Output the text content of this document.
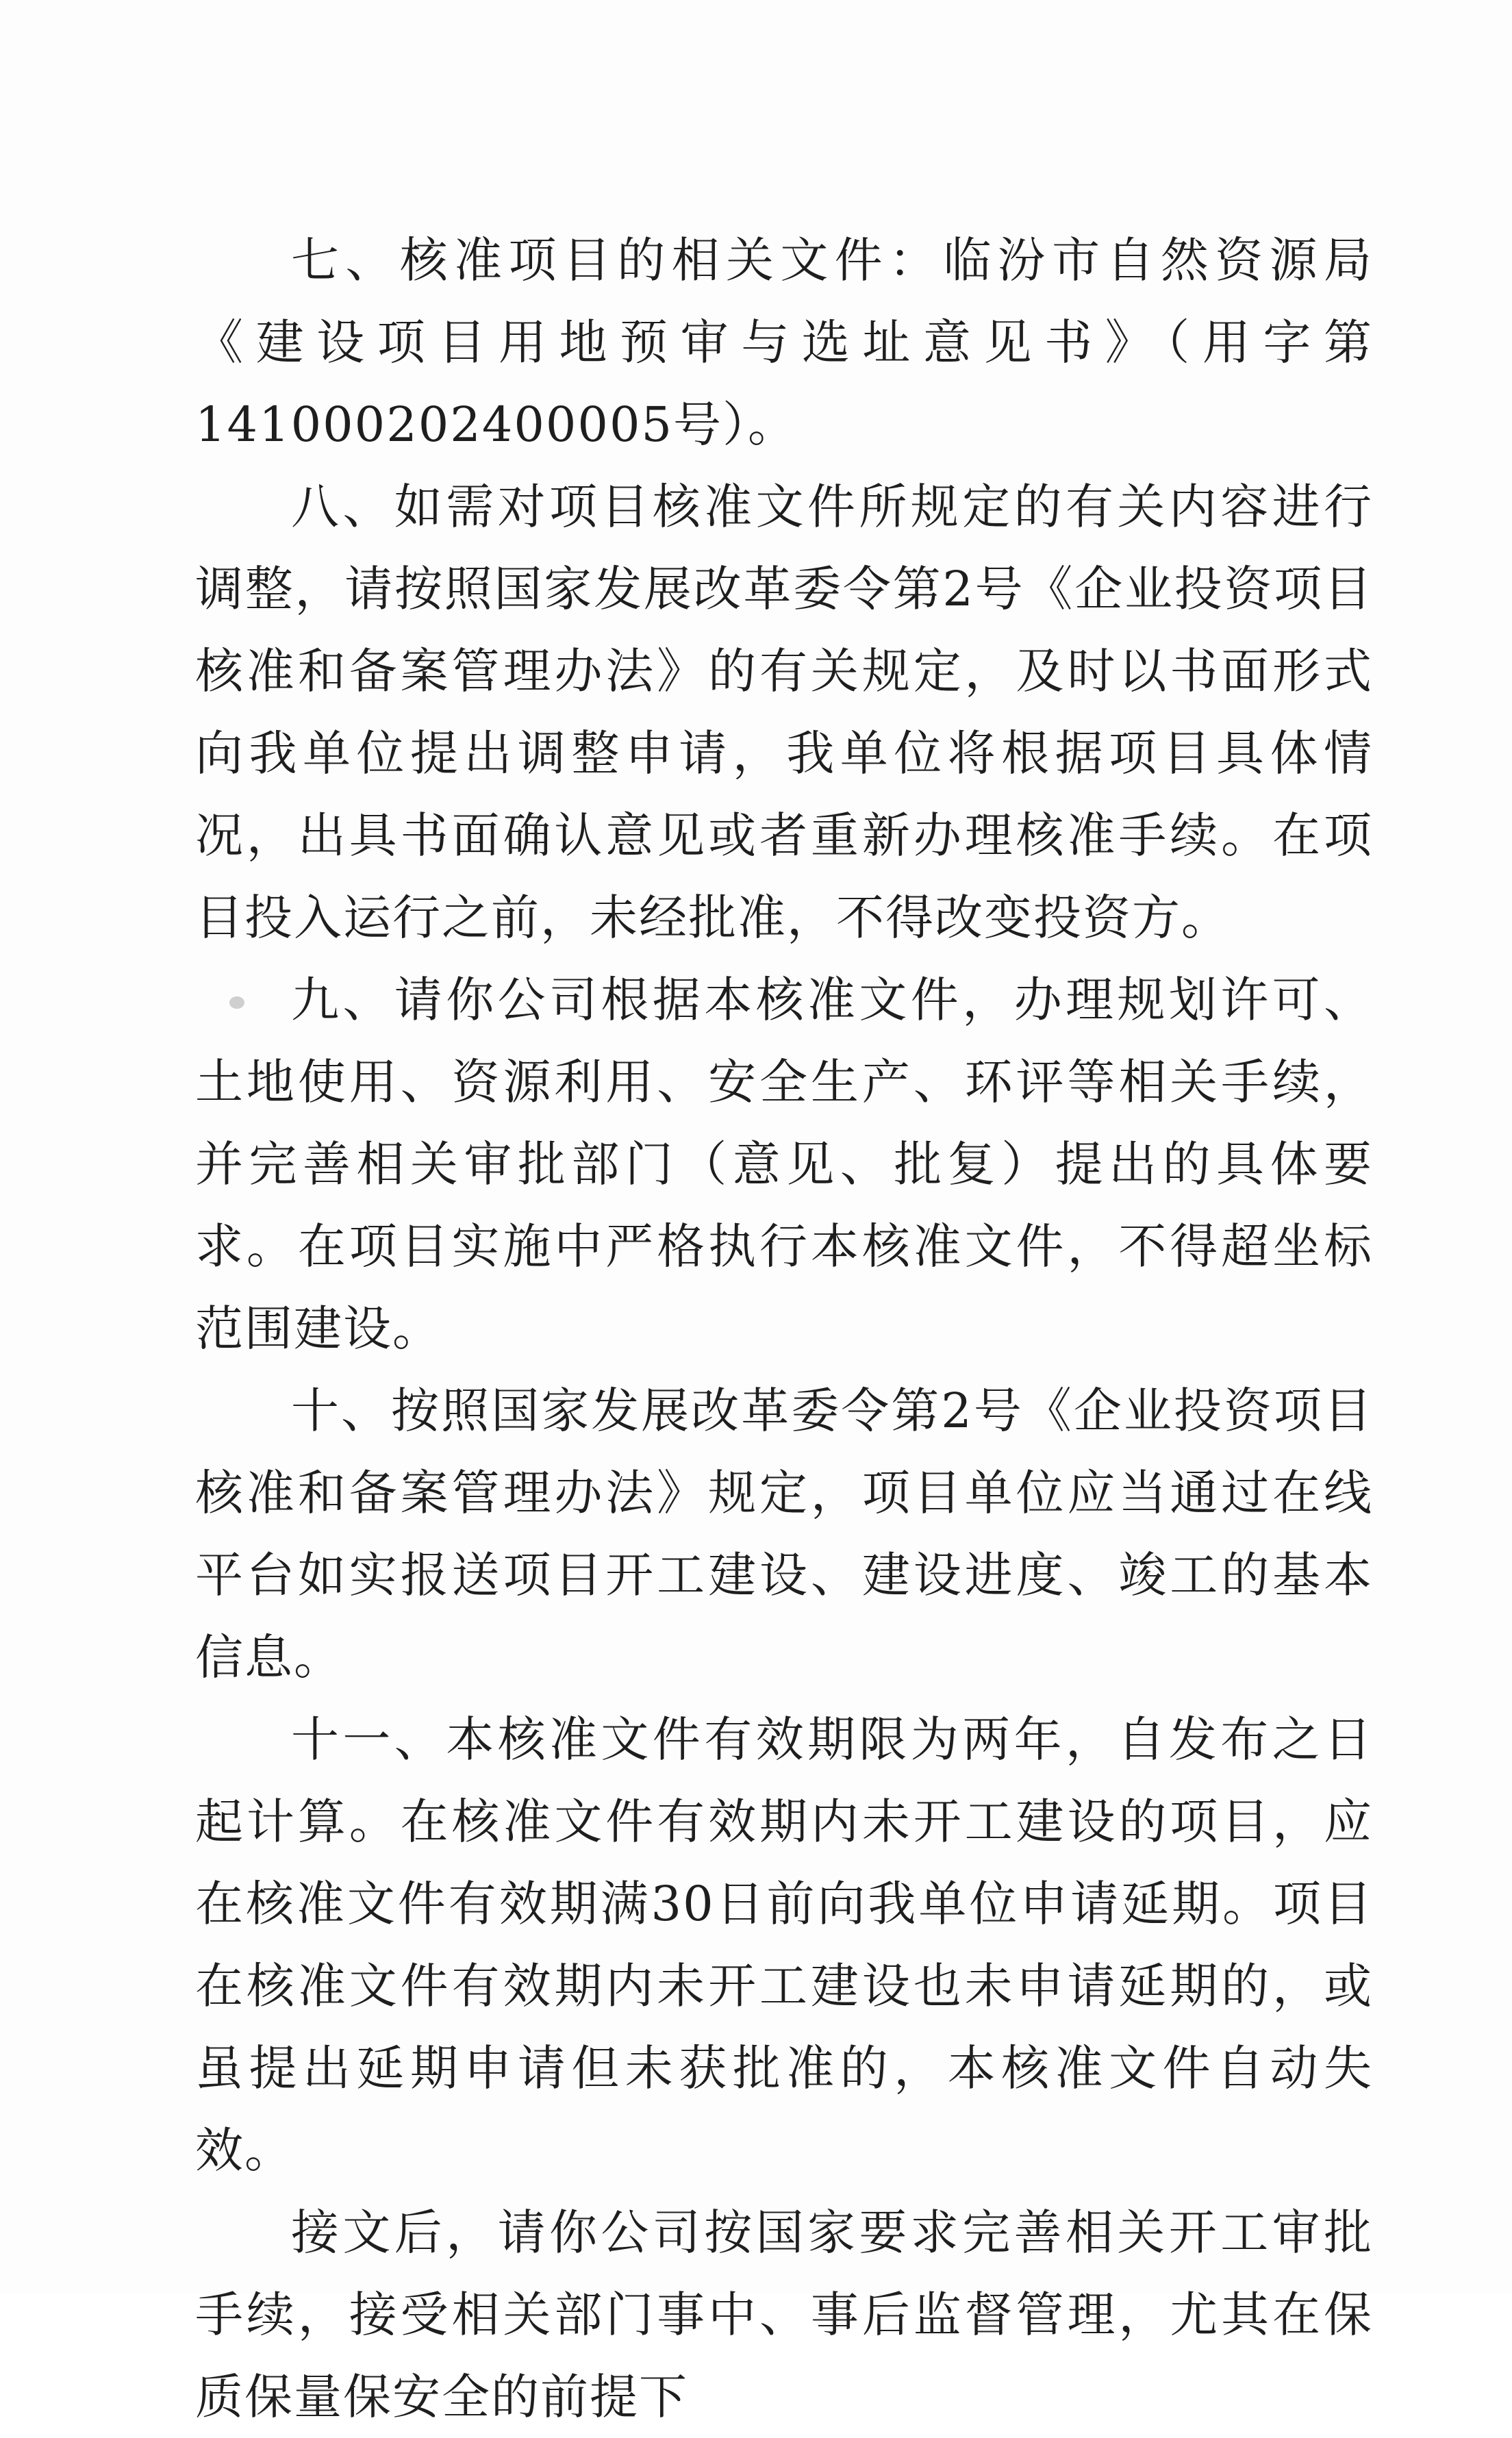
七、核准项目的相关文件：临汾市自然资源局《建设项目用地预审与选址意见书》（用字第141000202400005号）。

八、如需对项目核准文件所规定的有关内容进行调整，请按照国家发展改革委令第2号《企业投资项目核准和备案管理办法》的有关规定，及时以书面形式向我单位提出调整申请，我单位将根据项目具体情况，出具书面确认意见或者重新办理核准手续。在项目投入运行之前，未经批准，不得改变投资方。

九、请你公司根据本核准文件，办理规划许可、土地使用、资源利用、安全生产、环评等相关手续，并完善相关审批部门（意见、批复）提出的具体要求。在项目实施中严格执行本核准文件，不得超坐标范围建设。

十、按照国家发展改革委令第2号《企业投资项目核准和备案管理办法》规定，项目单位应当通过在线平台如实报送项目开工建设、建设进度、竣工的基本信息。

十一、本核准文件有效期限为两年，自发布之日起计算。在核准文件有效期内未开工建设的项目，应在核准文件有效期满30日前向我单位申请延期。项目在核准文件有效期内未开工建设也未申请延期的，或虽提出延期申请但未获批准的，本核准文件自动失效。

接文后，请你公司按国家要求完善相关开工审批手续，接受相关部门事中、事后监督管理，尤其在保质保量保安全的前提下
